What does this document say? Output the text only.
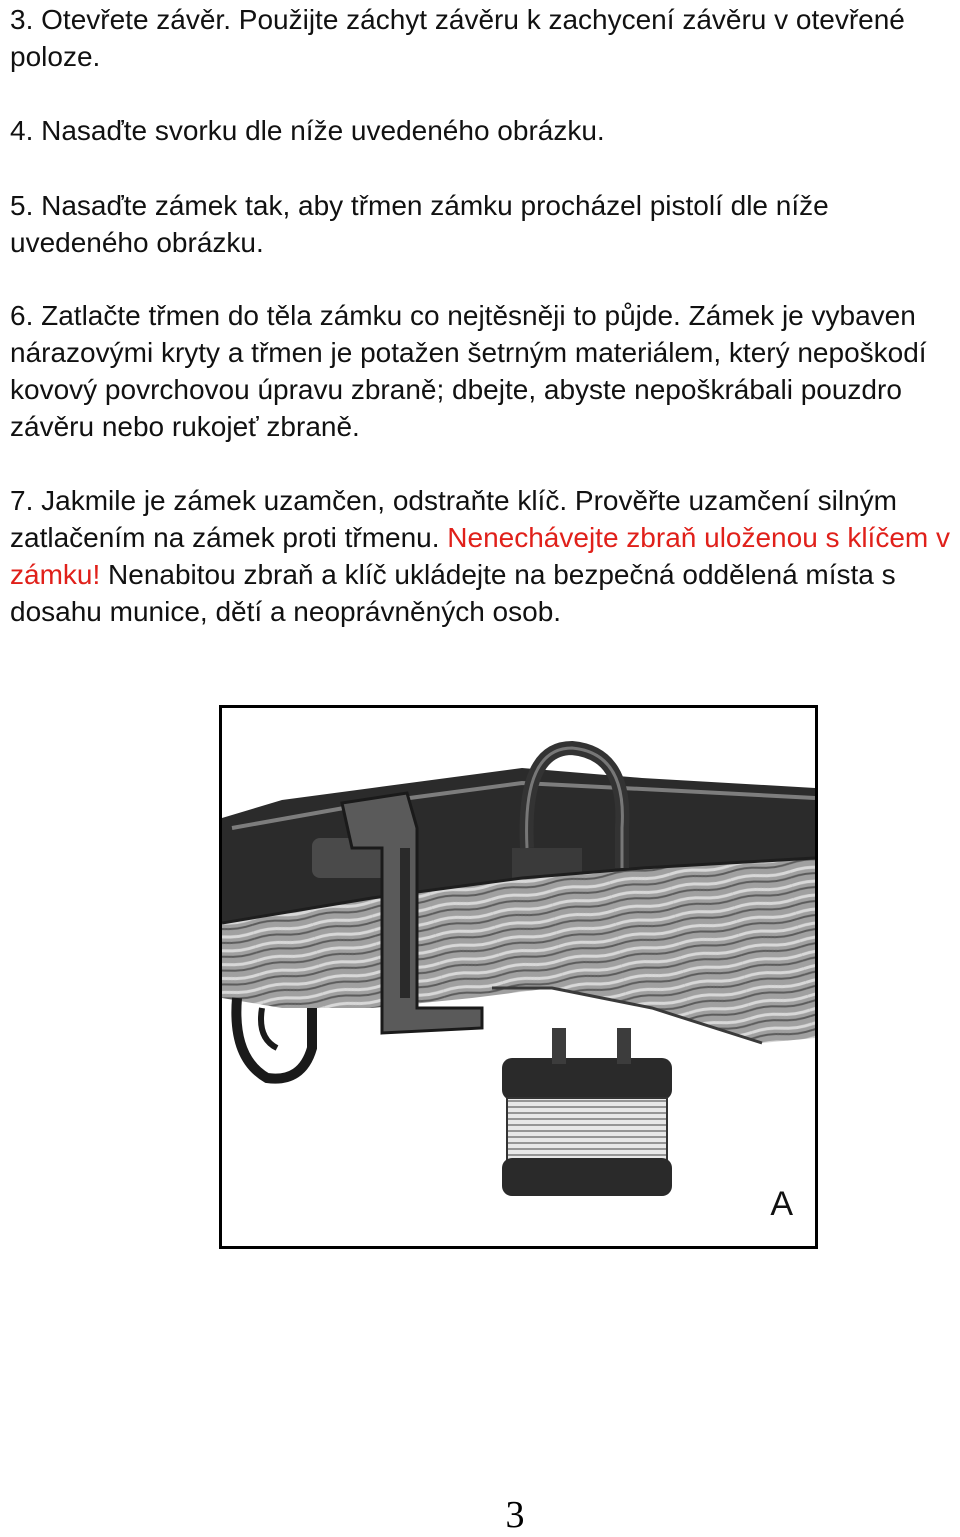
3. Otevřete závěr. Použijte záchyt závěru k zachycení závěru v otevřené poloze.

4. Nasaďte svorku dle níže uvedeného obrázku.

5. Nasaďte zámek tak, aby třmen zámku procházel pistolí dle níže uvedeného obrázku.

6. Zatlačte třmen do těla zámku co nejtěsněji to půjde. Zámek je vybaven nárazovými kryty a třmen je potažen šetrným materiálem, který nepoškodí kovový povrchovou úpravu zbraně; dbejte, abyste nepoškrábali pouzdro závěru nebo rukojeť zbraně.

7. Jakmile je zámek uzamčen, odstraňte klíč. Prověřte uzamčení silným zatlačením na zámek proti třmenu. Nenechávejte zbraň uloženou s klíčem v zámku! Nenabitou zbraň a klíč ukládejte na bezpečná oddělená místa s dosahu munice, dětí a neoprávněných osob.

A
3
